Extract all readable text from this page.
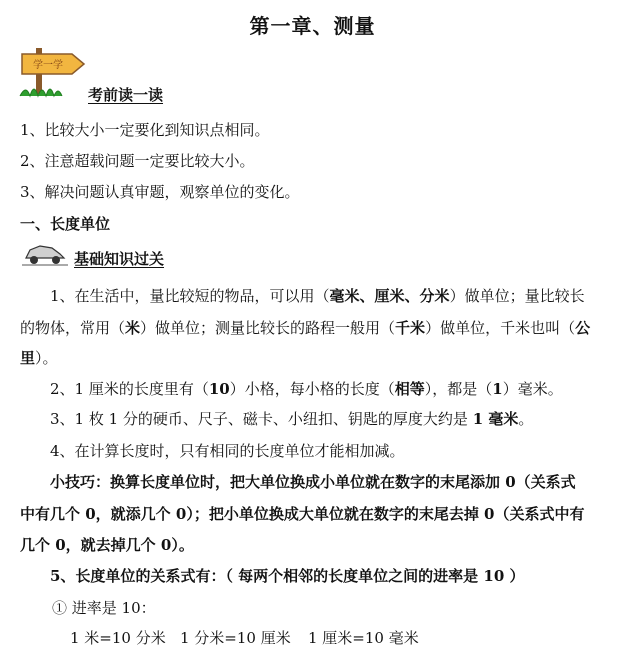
第一章、测量
学一学
考前读一读
1、比较大小一定要化到知识点相同。
2、注意超载问题一定要比较大小。
3、解决问题认真审题，观察单位的变化。
一、长度单位
基础知识过关
1、在生活中，量比较短的物品，可以用（毫米、厘米、分米）做单位；量比较长
的物体，常用（米）做单位；测量比较长的路程一般用（千米）做单位，千米也叫（公
里）。
2、1 厘米的长度里有（10）小格，每小格的长度（相等），都是（1）毫米。
3、1 枚 1 分的硬币、尺子、磁卡、小纽扣、钥匙的厚度大约是 1 毫米。
4、在计算长度时，只有相同的长度单位才能相加减。
小技巧：换算长度单位时，把大单位换成小单位就在数字的末尾添加 0（关系式
中有几个 0，就添几个 0）；把小单位换成大单位就在数字的末尾去掉 0（关系式中有
几个 0，就去掉几个 0）。
5、长度单位的关系式有：（ 每两个相邻的长度单位之间的进率是 10 ）
① 进率是 10：
1 米=10 分米 1 分米=10 厘米 1 厘米=10 毫米
